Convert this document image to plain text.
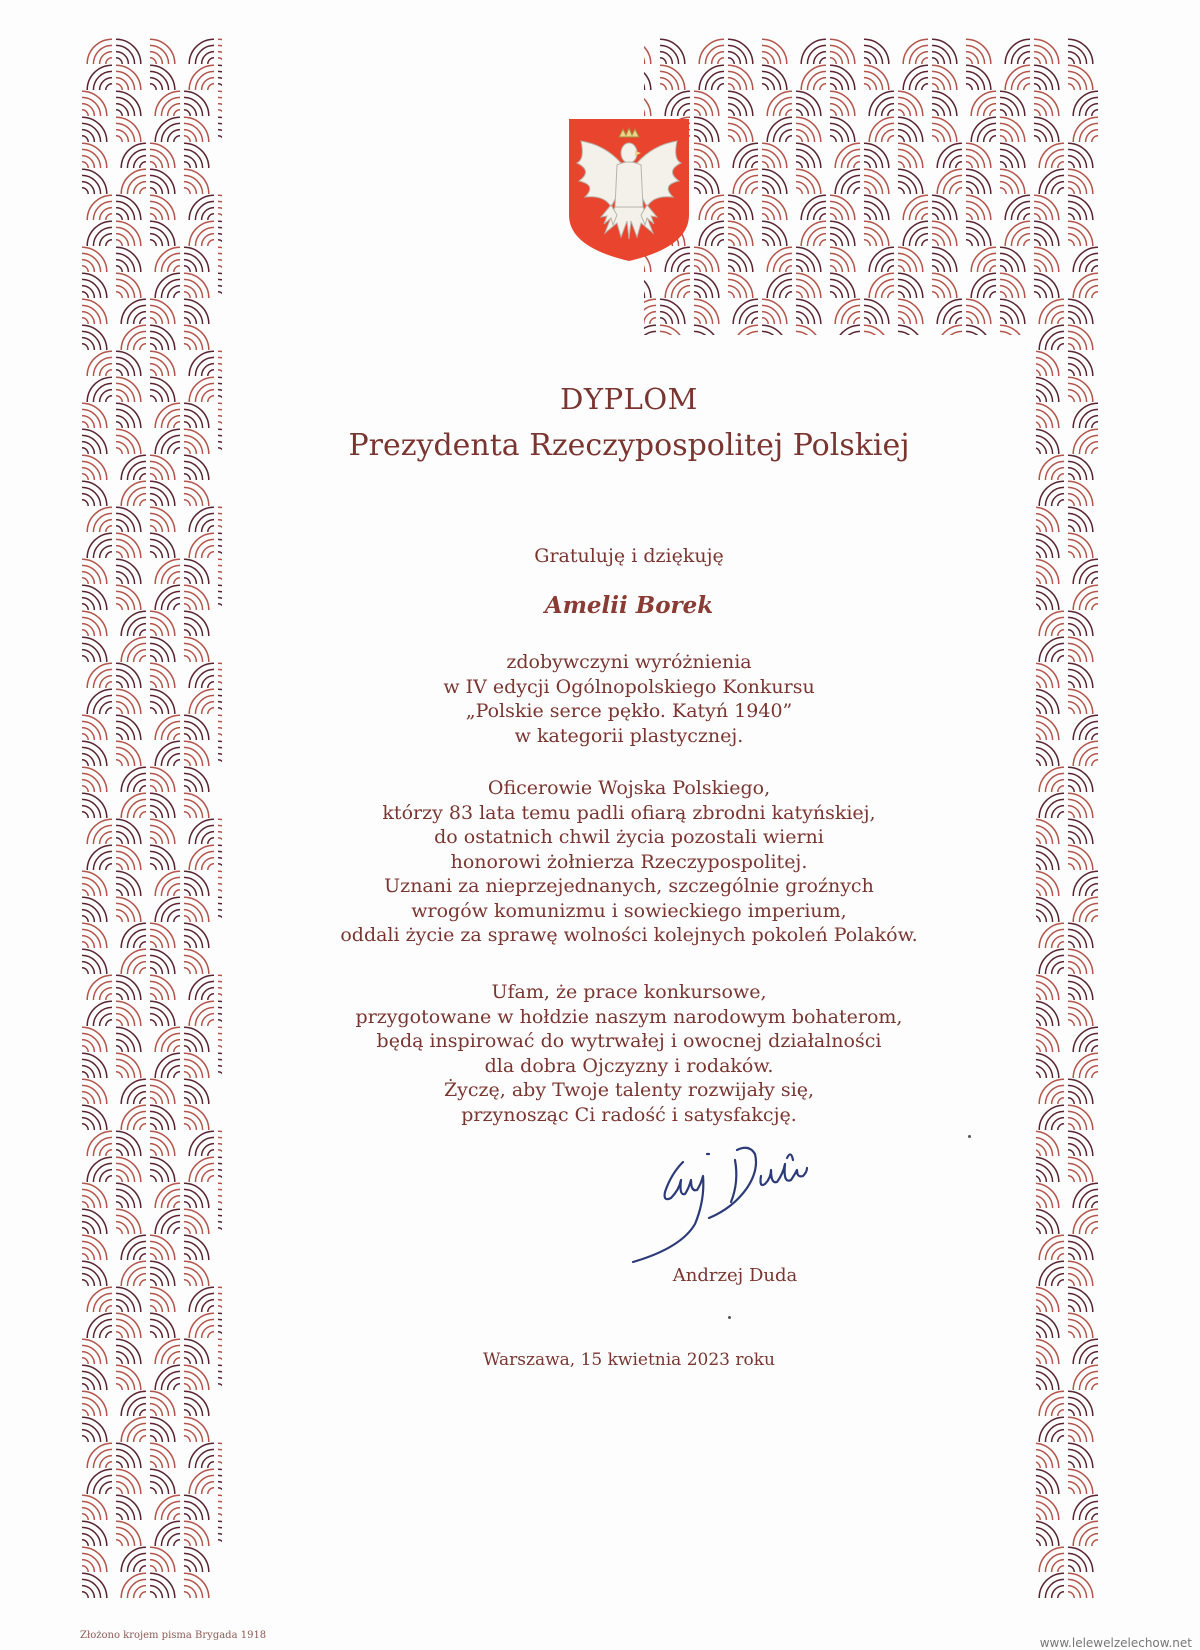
DYPLOM
Prezydenta Rzeczypospolitej Polskiej
Gratuluję i dziękuję
Amelii Borek
zdobywczyni wyróżnienia
w IV edycji Ogólnopolskiego Konkursu
„Polskie serce pękło. Katyń 1940”
w kategorii plastycznej.
Oficerowie Wojska Polskiego,
którzy 83 lata temu padli ofiarą zbrodni katyńskiej,
do ostatnich chwil życia pozostali wierni
honorowi żołnierza Rzeczypospolitej.
Uznani za nieprzejednanych, szczególnie groźnych
wrogów komunizmu i sowieckiego imperium,
oddali życie za sprawę wolności kolejnych pokoleń Polaków.
Ufam, że prace konkursowe,
przygotowane w hołdzie naszym narodowym bohaterom,
będą inspirować do wytrwałej i owocnej działalności
dla dobra Ojczyzny i rodaków.
Życzę, aby Twoje talenty rozwijały się,
przynosząc Ci radość i satysfakcję.
Andrzej Duda
Warszawa, 15 kwietnia 2023 roku
Złożono krojem pisma Brygada 1918
www.lelewelzelechow.net
